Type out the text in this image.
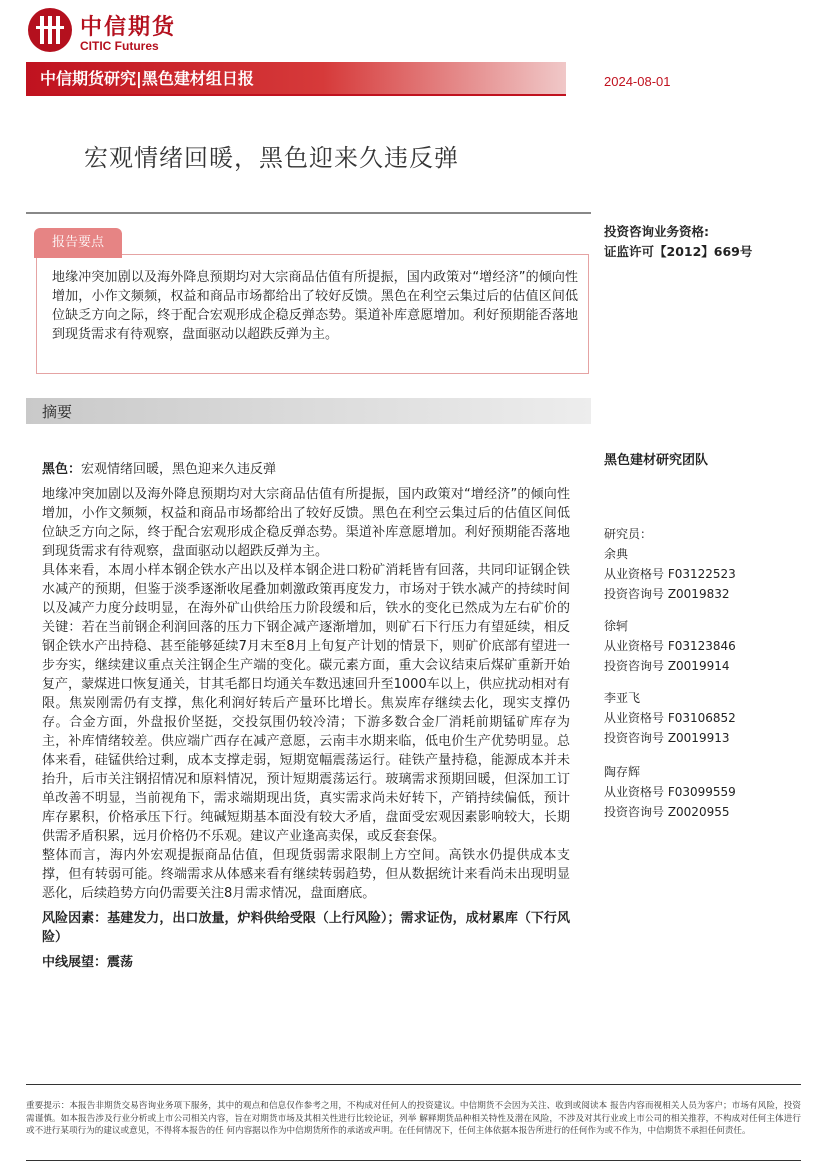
中信期货
CITIC Futures
中信期货研究|黑色建材组日报	2024-08-01
宏观情绪回暖，黑色迎来久违反弹
报告要点
地缘冲突加剧以及海外降息预期均对大宗商品估值有所提振，国内政策对“增经济”的倾向性增加，小作文频频，权益和商品市场都给出了较好反馈。黑色在利空云集过后的估值区间低位缺乏方向之际，终于配合宏观形成企稳反弹态势。渠道补库意愿增加。利好预期能否落地到现货需求有待观察，盘面驱动以超跌反弹为主。
摘要

黑色：宏观情绪回暖，黑色迎来久违反弹

地缘冲突加剧以及海外降息预期均对大宗商品估值有所提振，国内政策对“增经济”的倾向性增加，小作文频频，权益和商品市场都给出了较好反馈。黑色在利空云集过后的估值区间低位缺乏方向之际，终于配合宏观形成企稳反弹态势。渠道补库意愿增加。利好预期能否落地到现货需求有待观察，盘面驱动以超跌反弹为主。

具体来看，本周小样本钢企铁水产出以及样本钢企进口粉矿消耗皆有回落，共同印证钢企铁水减产的预期，但鉴于淡季逐渐收尾叠加刺激政策再度发力，市场对于铁水减产的持续时间以及减产力度分歧明显，在海外矿山供给压力阶段缓和后，铁水的变化已然成为左右矿价的关键：若在当前钢企利润回落的压力下钢企减产逐渐增加，则矿石下行压力有望延续，相反钢企铁水产出持稳、甚至能够延续7月末至8月上旬复产计划的情景下，则矿价底部有望进一步夯实，继续建议重点关注钢企生产端的变化。碳元素方面，重大会议结束后煤矿重新开始复产，蒙煤进口恢复通关，甘其毛都日均通关车数迅速回升至1000车以上，供应扰动相对有限。焦炭刚需仍有支撑，焦化利润好转后产量环比增长。焦炭库存继续去化，现实支撑仍存。合金方面，外盘报价坚挺，交投氛围仍较冷清；下游多数合金厂消耗前期锰矿库存为主，补库情绪较差。供应端广西存在减产意愿，云南丰水期来临，低电价生产优势明显。总体来看，硅锰供给过剩，成本支撑走弱，短期宽幅震荡运行。硅铁产量持稳，能源成本并未抬升，后市关注钢招情况和原料情况，预计短期震荡运行。玻璃需求预期回暖，但深加工订单改善不明显，当前视角下，需求端期现出货，真实需求尚未好转下，产销持续偏低，预计库存累积，价格承压下行。纯碱短期基本面没有较大矛盾，盘面受宏观因素影响较大，长期供需矛盾积累，远月价格仍不乐观。建议产业逢高卖保，或反套套保。

整体而言，海内外宏观提振商品估值，但现货弱需求限制上方空间。高铁水仍提供成本支撑，但有转弱可能。终端需求从体感来看有继续转弱趋势，但从数据统计来看尚未出现明显恶化，后续趋势方向仍需要关注8月需求情况，盘面磨底。

风险因素：基建发力，出口放量，炉料供给受限（上行风险）；需求证伪，成材累库（下行风险）

中线展望：震荡

投资咨询业务资格:
证监许可【2012】669号
黑色建材研究团队
研究员：
余典
从业资格号 F03122523
投资咨询号 Z0019832
徐轲
从业资格号 F03123846
投资咨询号 Z0019914
李亚飞
从业资格号 F03106852
投资咨询号 Z0019913
陶存辉
从业资格号 F03099559
投资咨询号 Z0020955
重要提示：本报告非期货交易咨询业务项下服务，其中的观点和信息仅作参考之用，不构成对任何人的投资建议。中信期货不会因为关注、收到或阅读本 报告内容而视相关人员为客户；市场有风险，投资需谨慎。如本报告涉及行业分析或上市公司相关内容，旨在对期货市场及其相关性进行比较论证，列举 解释期货品种相关特性及潜在风险，不涉及对其行业或上市公司的相关推荐，不构成对任何主体进行或不进行某项行为的建议或意见，不得将本报告的任 何内容据以作为中信期货所作的承诺或声明。在任何情况下，任何主体依据本报告所进行的任何作为或不作为，中信期货不承担任何责任。
